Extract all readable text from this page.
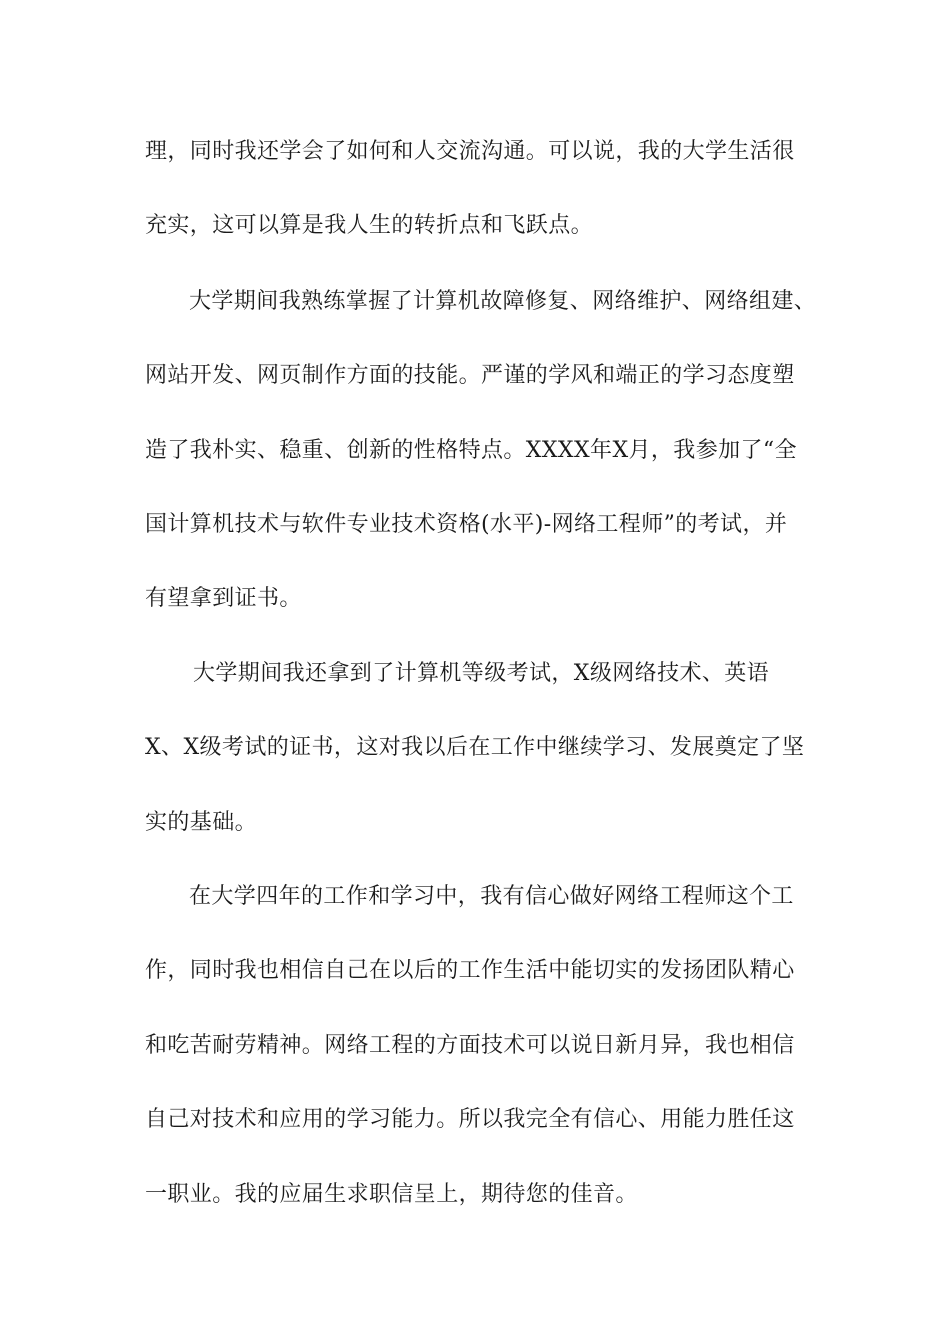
理，同时我还学会了如何和人交流沟通。可以说，我的大学生活很
充实，这可以算是我人生的转折点和飞跃点。
大学期间我熟练掌握了计算机故障修复、网络维护、网络组建、
网站开发、网页制作方面的技能。严谨的学风和端正的学习态度塑
造了我朴实、稳重、创新的性格特点。XXXX年X月，我参加了“全
国计算机技术与软件专业技术资格(水平)-网络工程师”的考试，并
有望拿到证书。
大学期间我还拿到了计算机等级考试，X级网络技术、英语
X、X级考试的证书，这对我以后在工作中继续学习、发展奠定了坚
实的基础。
在大学四年的工作和学习中，我有信心做好网络工程师这个工
作，同时我也相信自己在以后的工作生活中能切实的发扬团队精心
和吃苦耐劳精神。网络工程的方面技术可以说日新月异，我也相信
自己对技术和应用的学习能力。所以我完全有信心、用能力胜任这
一职业。我的应届生求职信呈上，期待您的佳音。
